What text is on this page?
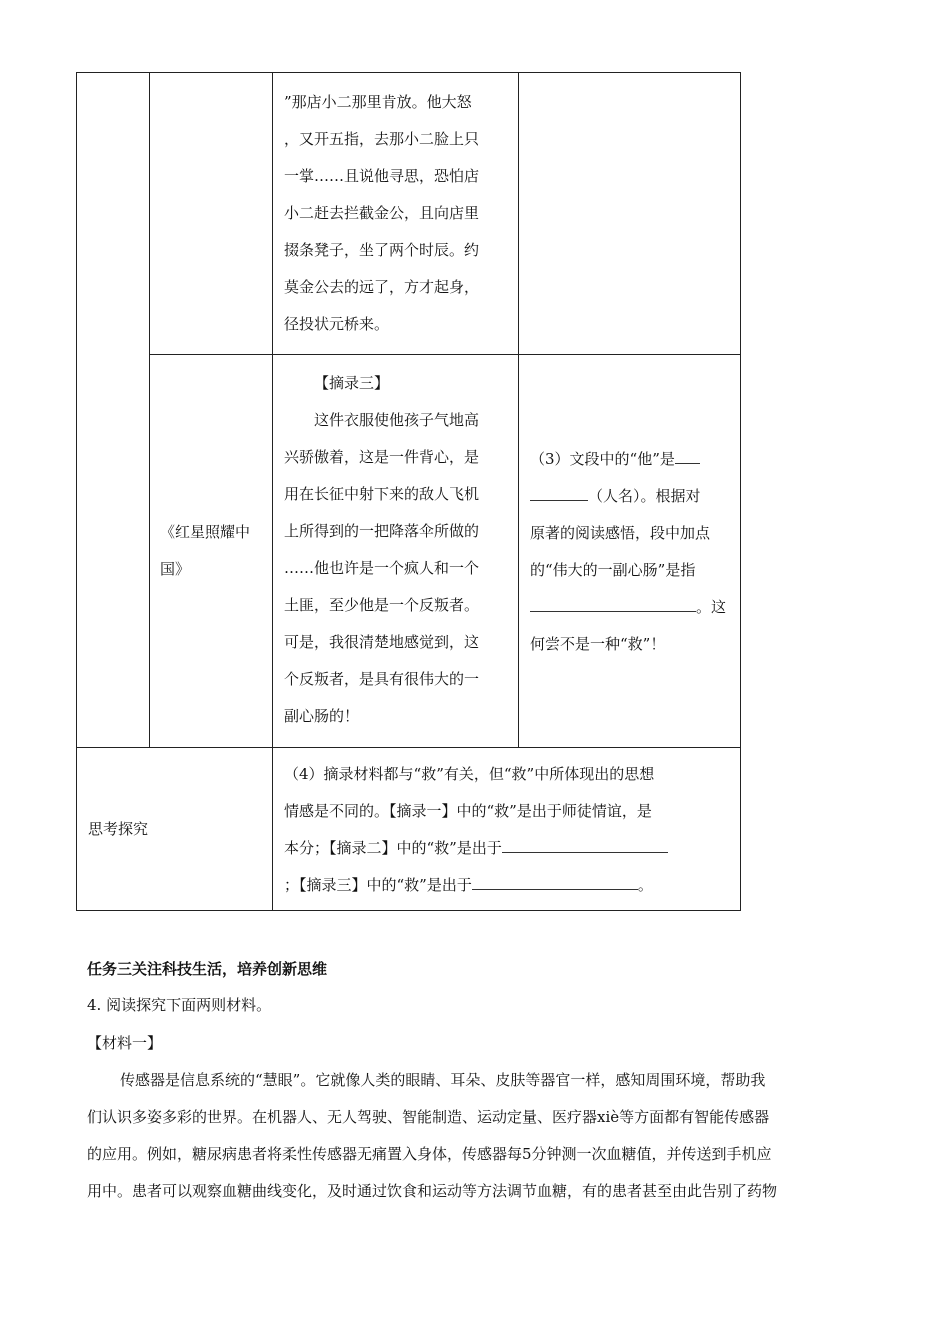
”那店小二那里肯放。他大怒

，又开五指，去那小二脸上只

一掌……且说他寻思，恐怕店

小二赶去拦截金公，且向店里

掇条凳子，坐了两个时辰。约

莫金公去的远了，方才起身，

径投状元桥来。

《红星照耀中

国》

【摘录三】

这件衣服使他孩子气地高

兴骄傲着，这是一件背心，是

用在长征中射下来的敌人飞机

上所得到的一把降落伞所做的

……他也许是一个疯人和一个

土匪，至少他是一个反叛者。

可是，我很清楚地感觉到，这

个反叛者，是具有很伟大的一

副心肠的！

（3）文段中的“他”是

（人名）。根据对

原著的阅读感悟，段中加点

的“伟大的一副心肠”是指

。这

何尝不是一种“救”！

思考探究

（4）摘录材料都与“救”有关，但“救”中所体现出的思想

情感是不同的。【摘录一】中的“救”是出于师徒情谊，是

本分；【摘录二】中的“救”是出于

；【摘录三】中的“救”是出于	。

任务三关注科技生活，培养创新思维
4. 阅读探究下面两则材料。
【材料一】
传感器是信息系统的“慧眼”。它就像人类的眼睛、耳朵、皮肤等器官一样，感知周围环境，帮助我
们认识多姿多彩的世界。在机器人、无人驾驶、智能制造、运动定量、医疗器xiè等方面都有智能传感器
的应用。例如，糖尿病患者将柔性传感器无痛置入身体，传感器每5分钟测一次血糖值，并传送到手机应
用中。患者可以观察血糖曲线变化，及时通过饮食和运动等方法调节血糖，有的患者甚至由此告别了药物
